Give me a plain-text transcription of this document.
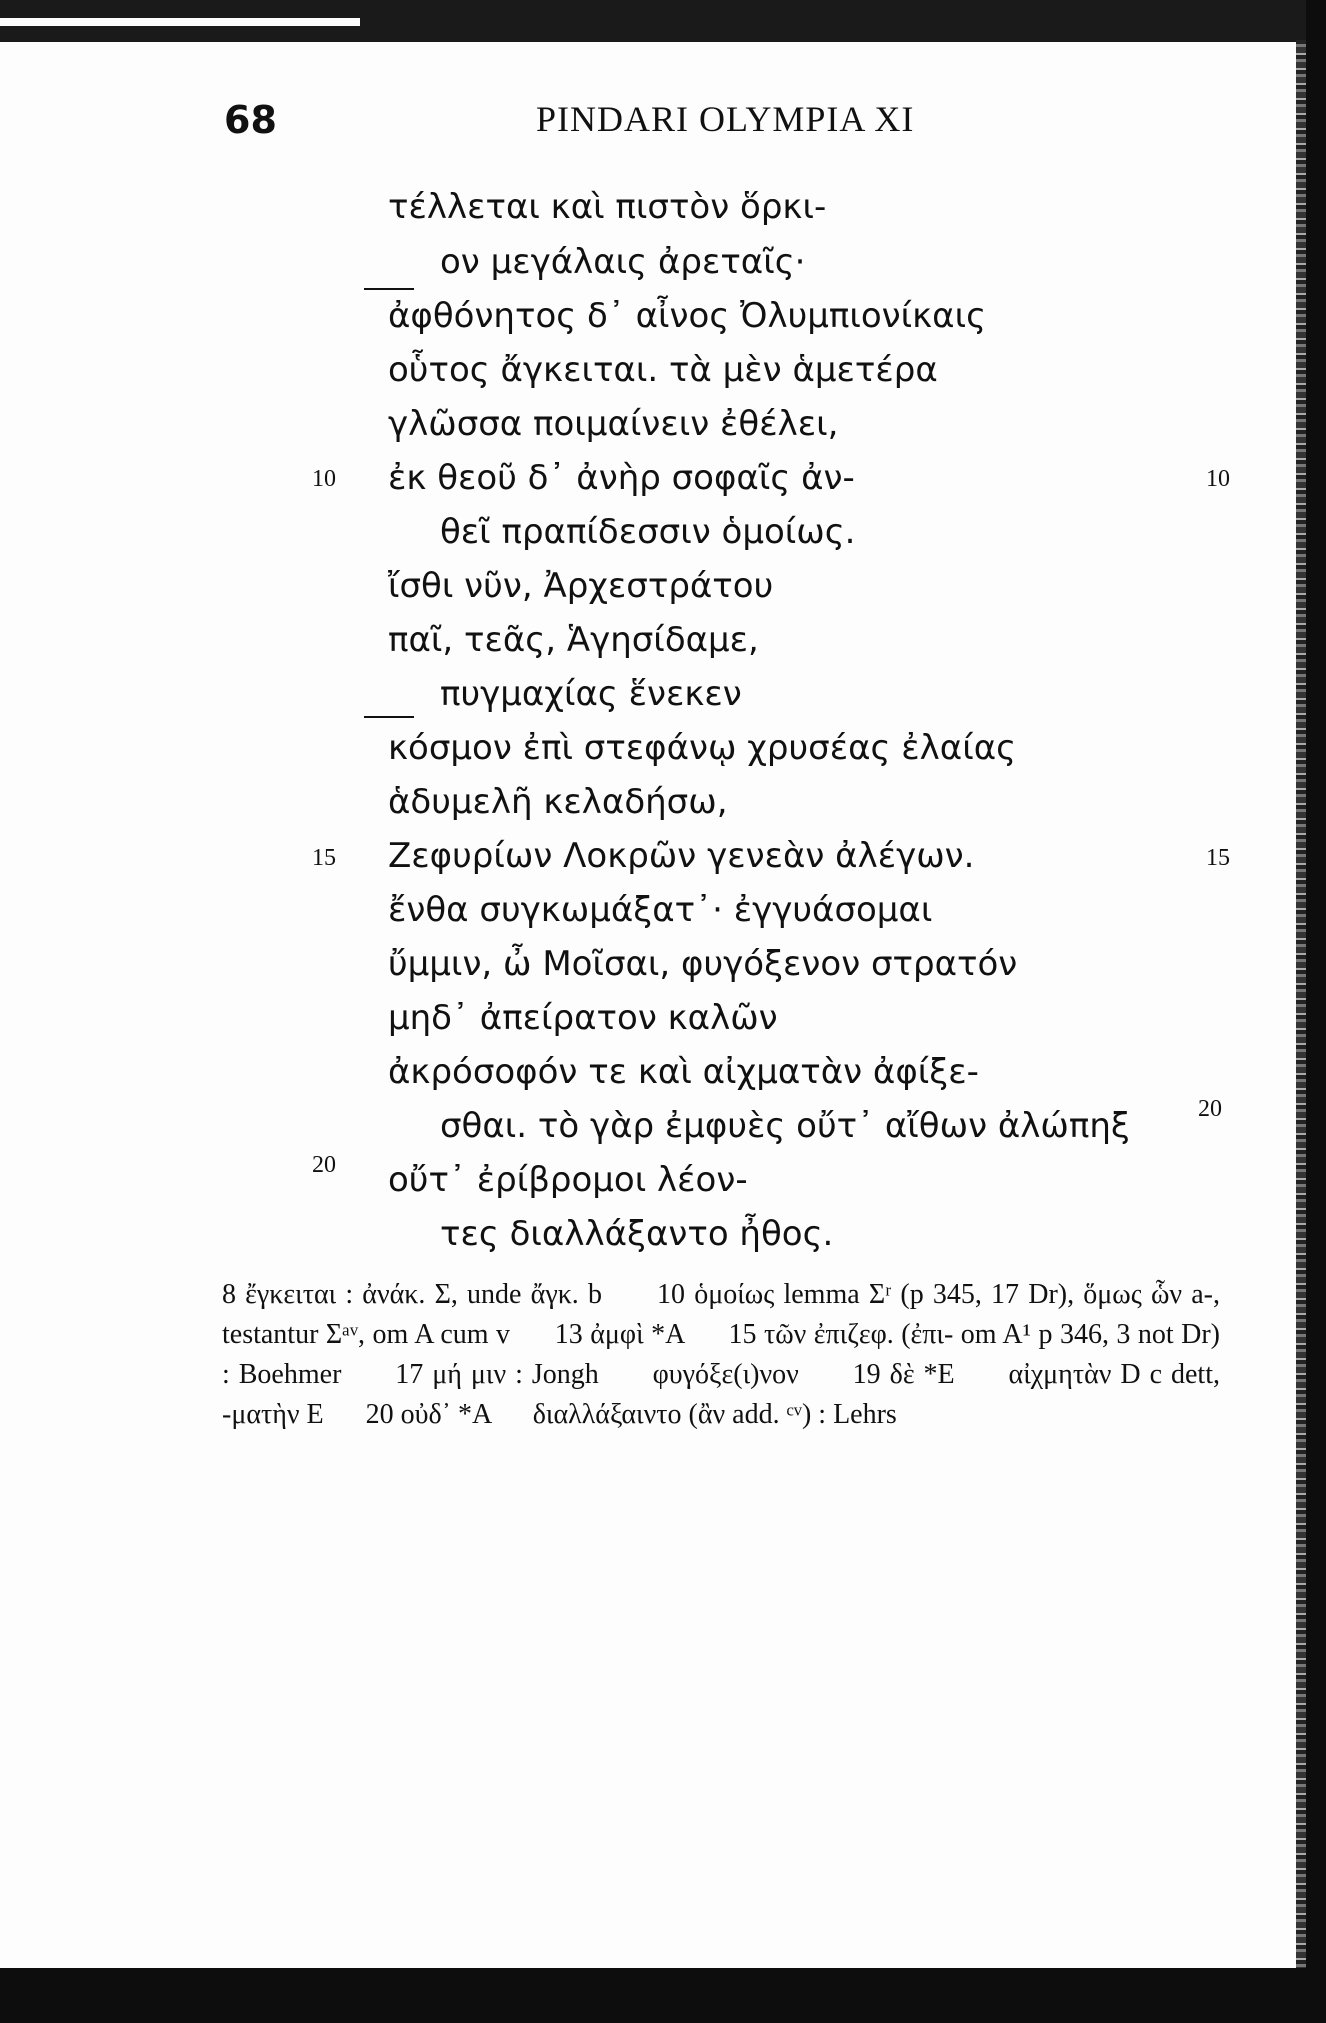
68	PINDARI OLYMPIA XI
τέλλεται καὶ πιστὸν ὅρκι-
ον μεγάλαις ἀρεταῖς·
ἀφθόνητος δ᾿ αἶνος Ὀλυμπιονίκαις
οὗτος ἄγκειται. τὰ μὲν ἁμετέρα
γλῶσσα ποιμαίνειν ἐθέλει,
ἐκ θεοῦ δ᾿ ἀνὴρ σοφαῖς ἀν-
θεῖ πραπίδεσσιν ὁμοίως.
ἴσθι νῦν, Ἀρχεστράτου
παῖ, τεᾶς, Ἁγησίδαμε,
πυγμαχίας ἕνεκεν
κόσμον ἐπὶ στεφάνῳ χρυσέας ἐλαίας
ἁδυμελῆ κελαδήσω,
Ζεφυρίων Λοκρῶν γενεὰν ἀλέγων.
ἔνθα συγκωμάξατ᾿· ἐγγυάσομαι
ὔμμιν, ὦ Μοῖσαι, φυγόξενον στρατόν
μηδ᾿ ἀπείρατον καλῶν
ἀκρόσοφόν τε καὶ αἰχματὰν ἀφίξε-
σθαι. τὸ γὰρ ἐμφυὲς οὔτ᾿ αἴθων ἀλώπηξ
οὔτ᾿ ἐρίβρομοι λέον-
τες διαλλάξαντο ἦθος.
10
15
20
10
15
20
8 ἔγκειται : ἀνάκ. Σ, unde ἄγκ. b      10 ὁμοίως lemma Σʳ (p 345, 17 Dr), ὅμως ὧν a-, testantur Σᵃᵛ, om A cum v      13 ἀμφὶ *A      15 τῶν ἐπιζεφ. (ἐπι- om A¹ p 346, 3 not Dr) : Boehmer      17 μή μιν : Jongh      φυγόξε(ι)νον      19 δὲ *E      αἰχμητὰν D c dett, -ματὴν E      20 οὐδ᾿ *A      διαλλάξαιντο (ἂν add. ᶜᵛ) : Lehrs
